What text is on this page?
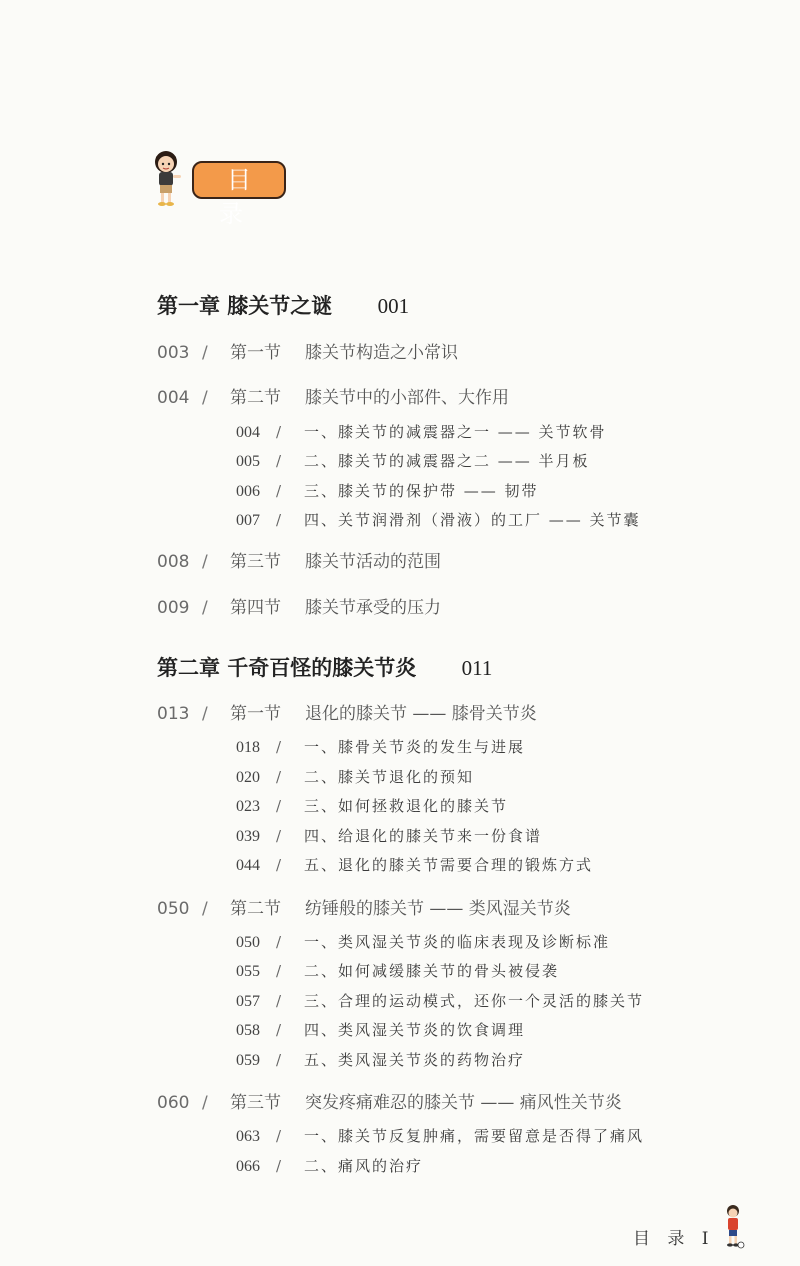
目 录
第一章 膝关节之谜 001
003 / 第一节 膝关节构造之小常识
004 / 第二节 膝关节中的小部件、大作用
004 / 一、膝关节的减震器之一 —— 关节软骨
005 / 二、膝关节的减震器之二 —— 半月板
006 / 三、膝关节的保护带 —— 韧带
007 / 四、关节润滑剂（滑液）的工厂 —— 关节囊
008 / 第三节 膝关节活动的范围
009 / 第四节 膝关节承受的压力
第二章 千奇百怪的膝关节炎 011
013 / 第一节 退化的膝关节 —— 膝骨关节炎
018 / 一、膝骨关节炎的发生与进展
020 / 二、膝关节退化的预知
023 / 三、如何拯救退化的膝关节
039 / 四、给退化的膝关节来一份食谱
044 / 五、退化的膝关节需要合理的锻炼方式
050 / 第二节 纺锤般的膝关节 —— 类风湿关节炎
050 / 一、类风湿关节炎的临床表现及诊断标准
055 / 二、如何减缓膝关节的骨头被侵袭
057 / 三、合理的运动模式，还你一个灵活的膝关节
058 / 四、类风湿关节炎的饮食调理
059 / 五、类风湿关节炎的药物治疗
060 / 第三节 突发疼痛难忍的膝关节 —— 痛风性关节炎
063 / 一、膝关节反复肿痛，需要留意是否得了痛风
066 / 二、痛风的治疗
目 录 I
